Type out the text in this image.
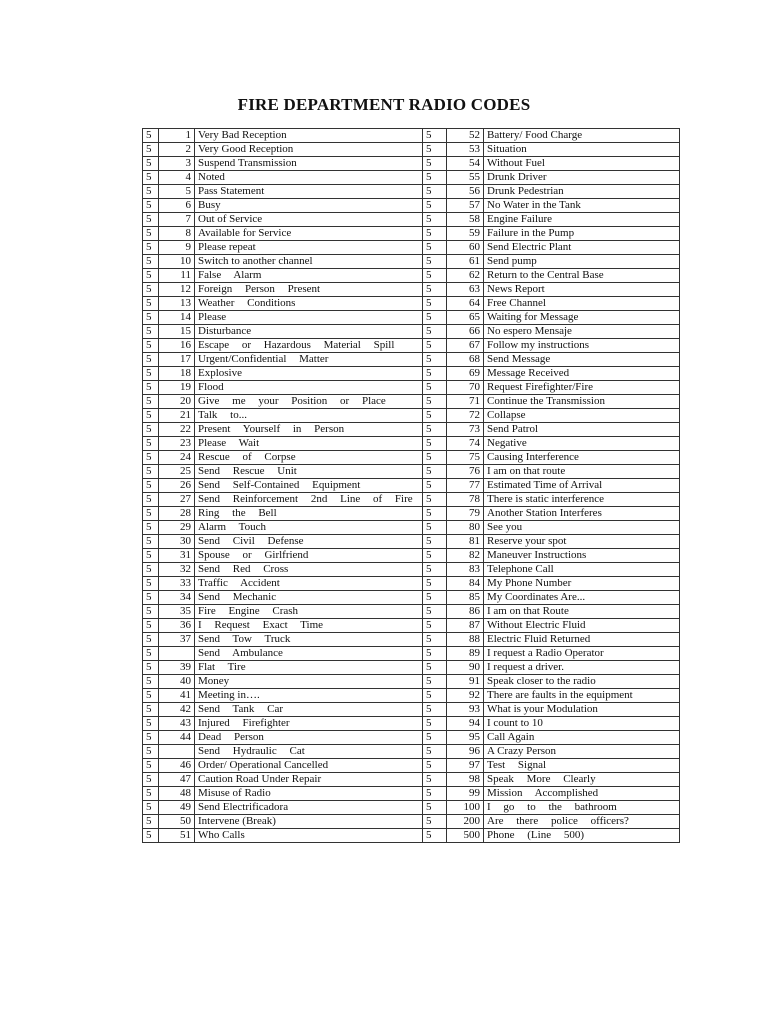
FIRE DEPARTMENT RADIO CODES
5	1	Very Bad Reception	5	52	Battery/ Food Charge
5	2	Very Good Reception	5	53	Situation
5	3	Suspend Transmission	5	54	Without Fuel
5	4	Noted	5	55	Drunk Driver
5	5	Pass Statement	5	56	Drunk Pedestrian
5	6	Busy	5	57	No Water in the Tank
5	7	Out of Service	5	58	Engine Failure
5	8	Available for Service	5	59	Failure in the Pump
5	9	Please repeat	5	60	Send Electric Plant
5	10	Switch to another channel	5	61	Send pump
5	11	False Alarm	5	62	Return to the Central Base
5	12	Foreign Person Present	5	63	News Report
5	13	Weather Conditions	5	64	Free Channel
5	14	Please	5	65	Waiting for Message
5	15	Disturbance	5	66	No espero Mensaje
5	16	Escape or Hazardous Material Spill	5	67	Follow my instructions
5	17	Urgent/Confidential Matter	5	68	Send Message
5	18	Explosive	5	69	Message Received
5	19	Flood	5	70	Request Firefighter/Fire
5	20	Give me your Position or Place	5	71	Continue the Transmission
5	21	Talk to...	5	72	Collapse
5	22	Present Yourself in Person	5	73	Send Patrol
5	23	Please Wait	5	74	Negative
5	24	Rescue of Corpse	5	75	Causing Interference
5	25	Send Rescue Unit	5	76	I am on that route
5	26	Send Self-Contained Equipment	5	77	Estimated Time of Arrival
5	27	Send Reinforcement 2nd Line of Fire	5	78	There is static interference
5	28	Ring the Bell	5	79	Another Station Interferes
5	29	Alarm Touch	5	80	See you
5	30	Send Civil Defense	5	81	Reserve your spot
5	31	Spouse or Girlfriend	5	82	Maneuver Instructions
5	32	Send Red Cross	5	83	Telephone Call
5	33	Traffic Accident	5	84	My Phone Number
5	34	Send Mechanic	5	85	My Coordinates Are...
5	35	Fire Engine Crash	5	86	I am on that Route
5	36	I Request Exact Time	5	87	Without Electric Fluid
5	37	Send Tow Truck	5	88	Electric Fluid Returned
5		Send Ambulance	5	89	I request a Radio Operator
5	39	Flat Tire	5	90	I request a driver.
5	40	Money	5	91	Speak closer to the radio
5	41	Meeting in….	5	92	There are faults in the equipment
5	42	Send Tank Car	5	93	What is your Modulation
5	43	Injured Firefighter	5	94	I count to 10
5	44	Dead Person	5	95	Call Again
5		Send Hydraulic Cat	5	96	A Crazy Person
5	46	Order/ Operational Cancelled	5	97	Test Signal
5	47	Caution Road Under Repair	5	98	Speak More Clearly
5	48	Misuse of Radio	5	99	Mission Accomplished
5	49	Send Electrificadora	5	100	I go to the bathroom
5	50	Intervene (Break)	5	200	Are there police officers?
5	51	Who Calls	5	500	Phone (Line 500)
